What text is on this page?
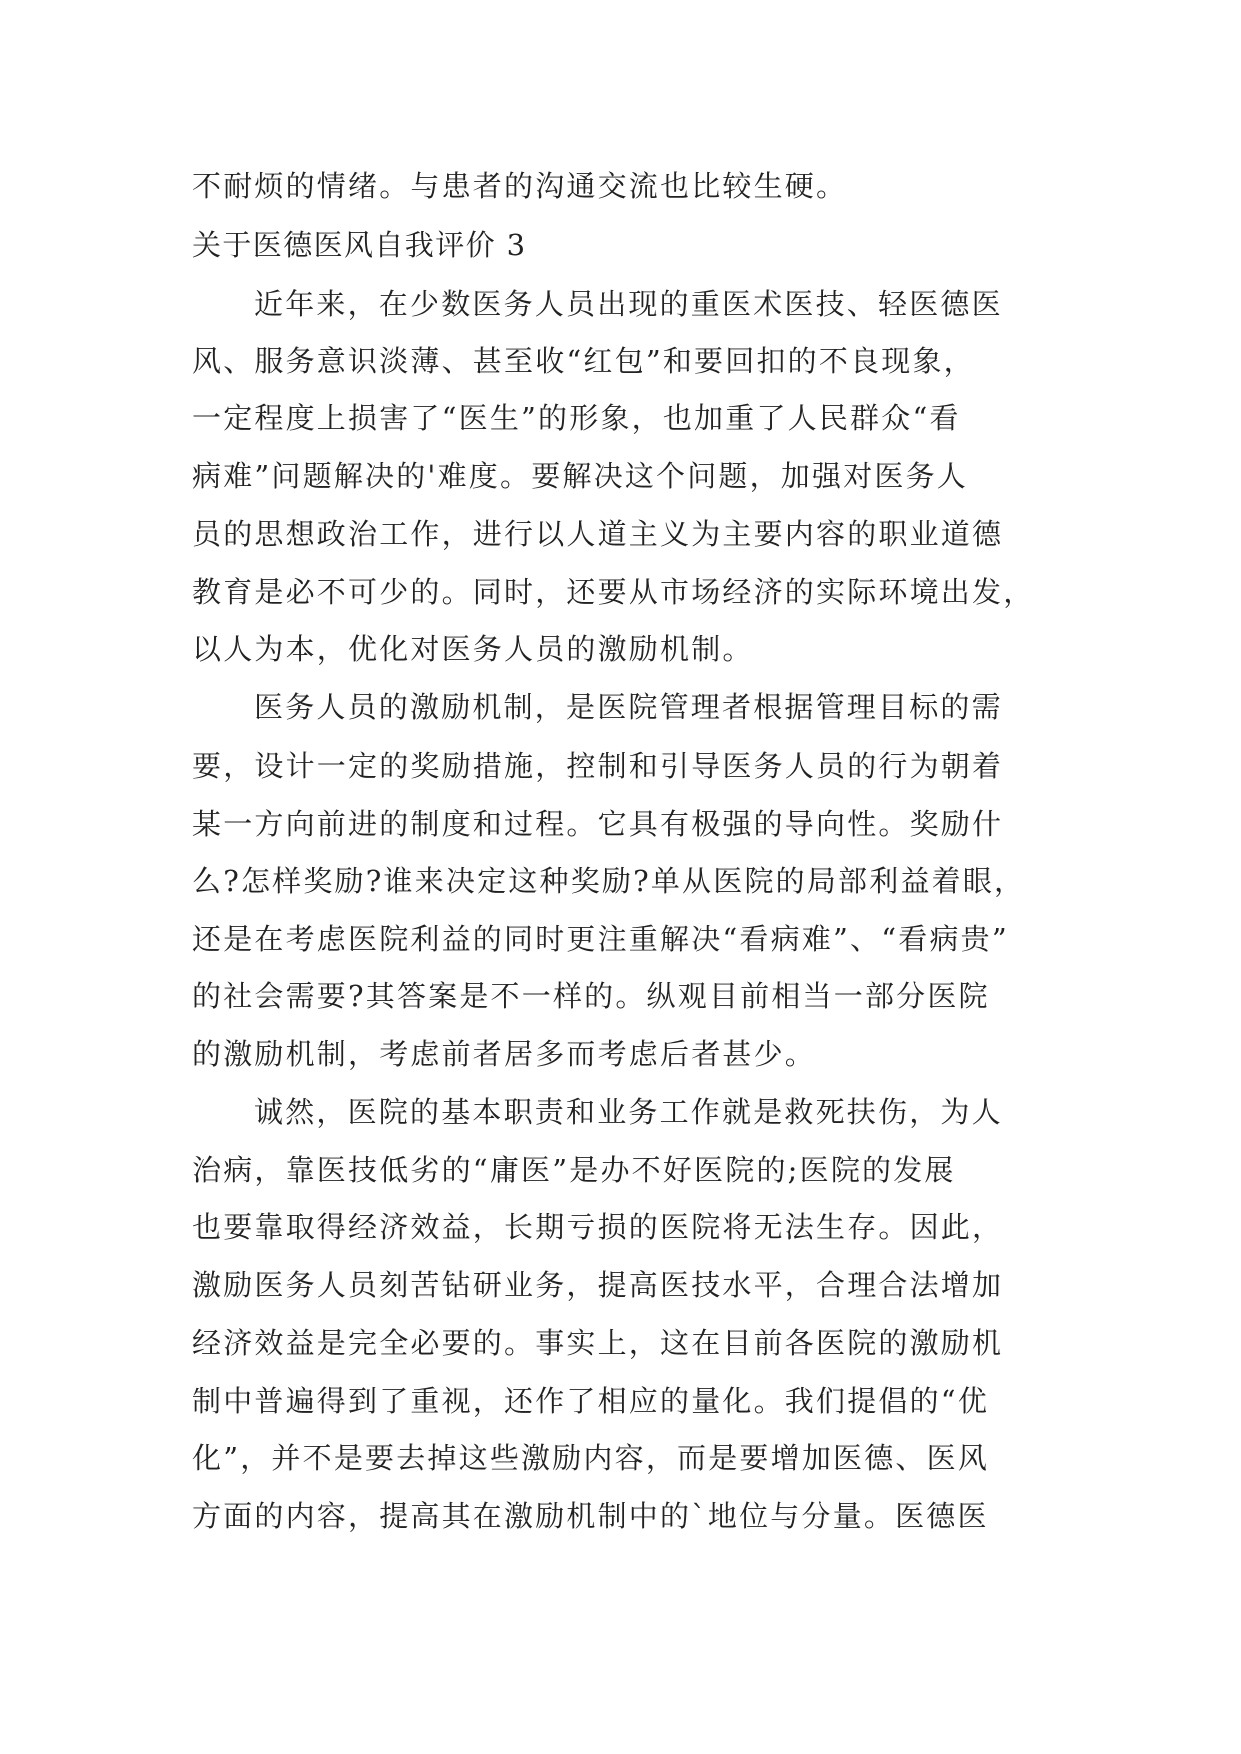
不耐烦的情绪。与患者的沟通交流也比较生硬。
关于医德医风自我评价 3
近年来，在少数医务人员出现的重医术医技、轻医德医
风、服务意识淡薄、甚至收“红包”和要回扣的不良现象，
一定程度上损害了“医生”的形象，也加重了人民群众“看
病难”问题解决的'难度。要解决这个问题，加强对医务人
员的思想政治工作，进行以人道主义为主要内容的职业道德
教育是必不可少的。同时，还要从市场经济的实际环境出发，
以人为本，优化对医务人员的激励机制。
医务人员的激励机制，是医院管理者根据管理目标的需
要，设计一定的奖励措施，控制和引导医务人员的行为朝着
某一方向前进的制度和过程。它具有极强的导向性。奖励什
么?怎样奖励?谁来决定这种奖励?单从医院的局部利益着眼，
还是在考虑医院利益的同时更注重解决“看病难”、“看病贵”
的社会需要?其答案是不一样的。纵观目前相当一部分医院
的激励机制，考虑前者居多而考虑后者甚少。
诚然，医院的基本职责和业务工作就是救死扶伤，为人
治病，靠医技低劣的“庸医”是办不好医院的;医院的发展
也要靠取得经济效益，长期亏损的医院将无法生存。因此，
激励医务人员刻苦钻研业务，提高医技水平，合理合法增加
经济效益是完全必要的。事实上，这在目前各医院的激励机
制中普遍得到了重视，还作了相应的量化。我们提倡的“优
化”，并不是要去掉这些激励内容，而是要增加医德、医风
方面的内容，提高其在激励机制中的`地位与分量。医德医
